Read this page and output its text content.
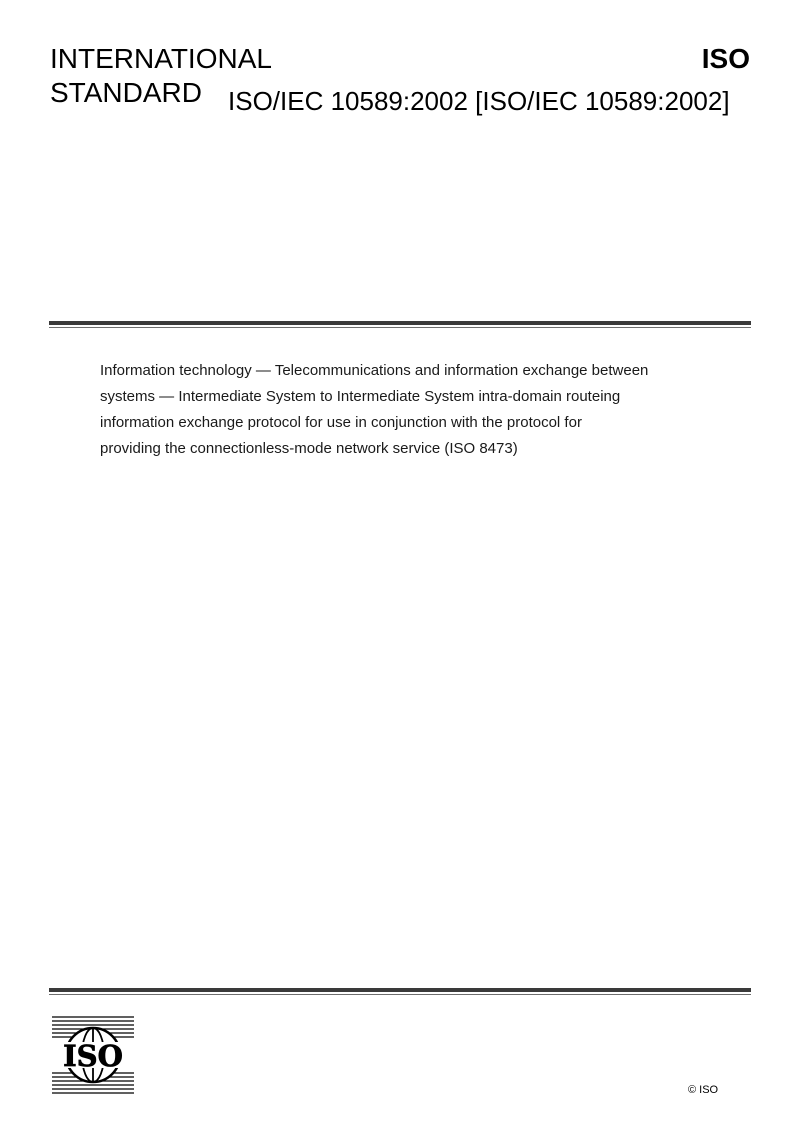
INTERNATIONAL
STANDARD
ISO
ISO/IEC 10589:2002 [ISO/IEC 10589:2002]
Information technology — Telecommunications and information exchange between
systems — Intermediate System to Intermediate System intra-domain routeing
information exchange protocol for use in conjunction with the protocol for
providing the connectionless-mode network service (ISO 8473)
ISO
© ISO
